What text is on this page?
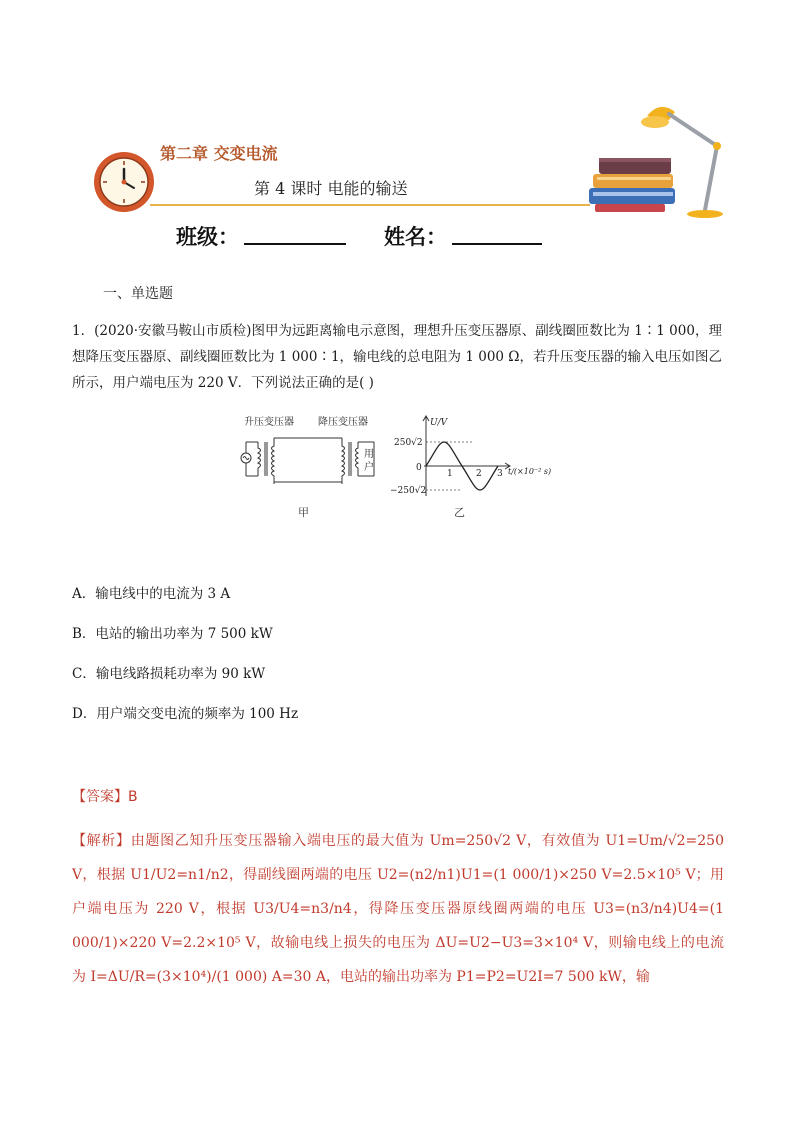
第二章 交变电流
第 4 课时 电能的输送
班级：	姓名：
一、单选题
1．(2020·安徽马鞍山市质检)图甲为远距离输电示意图，理想升压变压器原、副线圈匝数比为 1∶1 000，理想降压变压器原、副线圈匝数比为 1 000∶1，输电线的总电阻为 1 000 Ω，若升压变压器的输入电压如图乙所示，用户端电压为 220 V．下列说法正确的是( )
升压变压器 降压变压器
用
户
甲
U/V
250√2
0
−250√2
1	2 3 t/(×10⁻² s)
乙
A．输电线中的电流为 3 A
B．电站的输出功率为 7 500 kW
C．输电线路损耗功率为 90 kW
D．用户端交变电流的频率为 100 Hz
【答案】B
【解析】由题图乙知升压变压器输入端电压的最大值为 Um=250√2 V，有效值为 U1=Um/√2=250 V，根据 U1/U2=n1/n2，得副线圈两端的电压 U2=(n2/n1)U1=(1 000/1)×250 V=2.5×10⁵ V；用户端电压为 220 V，根据 U3/U4=n3/n4，得降压变压器原线圈两端的电压 U3=(n3/n4)U4=(1 000/1)×220 V=2.2×10⁵ V，故输电线上损失的电压为 ΔU=U2−U3=3×10⁴ V，则输电线上的电流为 I=ΔU/R=(3×10⁴)/(1 000) A=30 A，电站的输出功率为 P1=P2=U2I=7 500 kW，输
